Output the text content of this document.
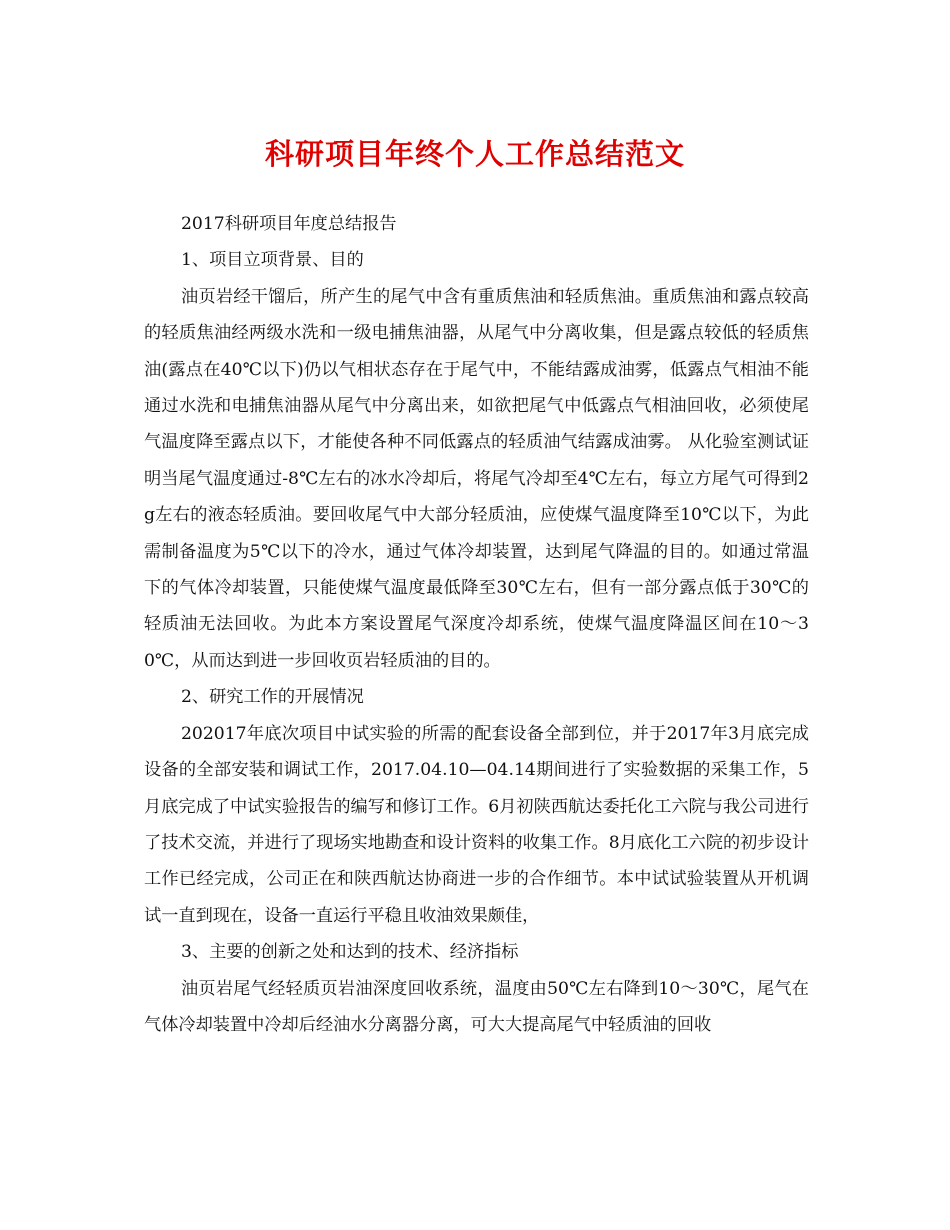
科研项目年终个人工作总结范文

2017科研项目年度总结报告

1、项目立项背景、目的

油页岩经干馏后，所产生的尾气中含有重质焦油和轻质焦油。重质焦油和露点较高的轻质焦油经两级水洗和一级电捕焦油器，从尾气中分离收集，但是露点较低的轻质焦油(露点在40℃以下)仍以气相状态存在于尾气中，不能结露成油雾，低露点气相油不能通过水洗和电捕焦油器从尾气中分离出来，如欲把尾气中低露点气相油回收，必须使尾气温度降至露点以下，才能使各种不同低露点的轻质油气结露成油雾。 从化验室测试证明当尾气温度通过-8℃左右的冰水冷却后，将尾气冷却至4℃左右，每立方尾气可得到2 g左右的液态轻质油。要回收尾气中大部分轻质油，应使煤气温度降至10℃以下，为此需制备温度为5℃以下的冷水，通过气体冷却装置，达到尾气降温的目的。如通过常温下的气体冷却装置，只能使煤气温度最低降至30℃左右，但有一部分露点低于30℃的轻质油无法回收。为此本方案设置尾气深度冷却系统，使煤气温度降温区间在10～30℃，从而达到进一步回收页岩轻质油的目的。

2、研究工作的开展情况

202017年底次项目中试实验的所需的配套设备全部到位，并于2017年3月底完成设备的全部安装和调试工作，2017.04.10—04.14期间进行了实验数据的采集工作，5月底完成了中试实验报告的编写和修订工作。6月初陕西航达委托化工六院与我公司进行了技术交流，并进行了现场实地勘查和设计资料的收集工作。8月底化工六院的初步设计工作已经完成，公司正在和陕西航达协商进一步的合作细节。本中试试验装置从开机调试一直到现在，设备一直运行平稳且收油效果颇佳，

3、主要的创新之处和达到的技术、经济指标

油页岩尾气经轻质页岩油深度回收系统，温度由50℃左右降到10～30℃，尾气在气体冷却装置中冷却后经油水分离器分离，可大大提高尾气中轻质油的回收
